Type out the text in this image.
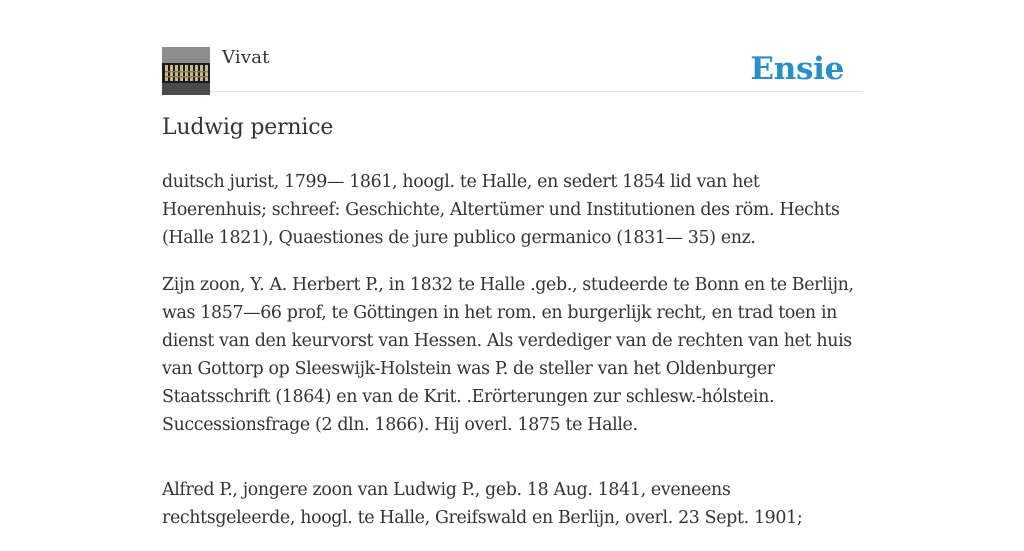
Vivat	Ensie
Ludwig pernice

duitsch jurist, 1799— 1861, hoogl. te Halle, en sedert 1854 lid van het Hoerenhuis; schreef: Geschichte, Altertümer und Institutionen des röm. Hechts (Halle 1821), Quaestiones de jure publico germanico (1831— 35) enz.

Zijn zoon, Y. A. Herbert P., in 1832 te Halle .geb., studeerde te Bonn en te Berlijn, was 1857—66 prof, te Göttingen in het rom. en burgerlijk recht, en trad toen in dienst van den keurvorst van Hessen. Als verdediger van de rechten van het huis van Gottorp op Sleeswijk-Holstein was P. de steller van het Oldenburger Staatsschrift (1864) en van de Krit. .Erörterungen zur schlesw.-hólstein. Successionsfrage (2 dln. 1866). Hij overl. 1875 te Halle.

Alfred P., jongere zoon van Ludwig P., geb. 18 Aug. 1841, eveneens rechtsgeleerde, hoogl. te Halle, Greifswald en Berlijn, overl. 23 Sept. 1901;
